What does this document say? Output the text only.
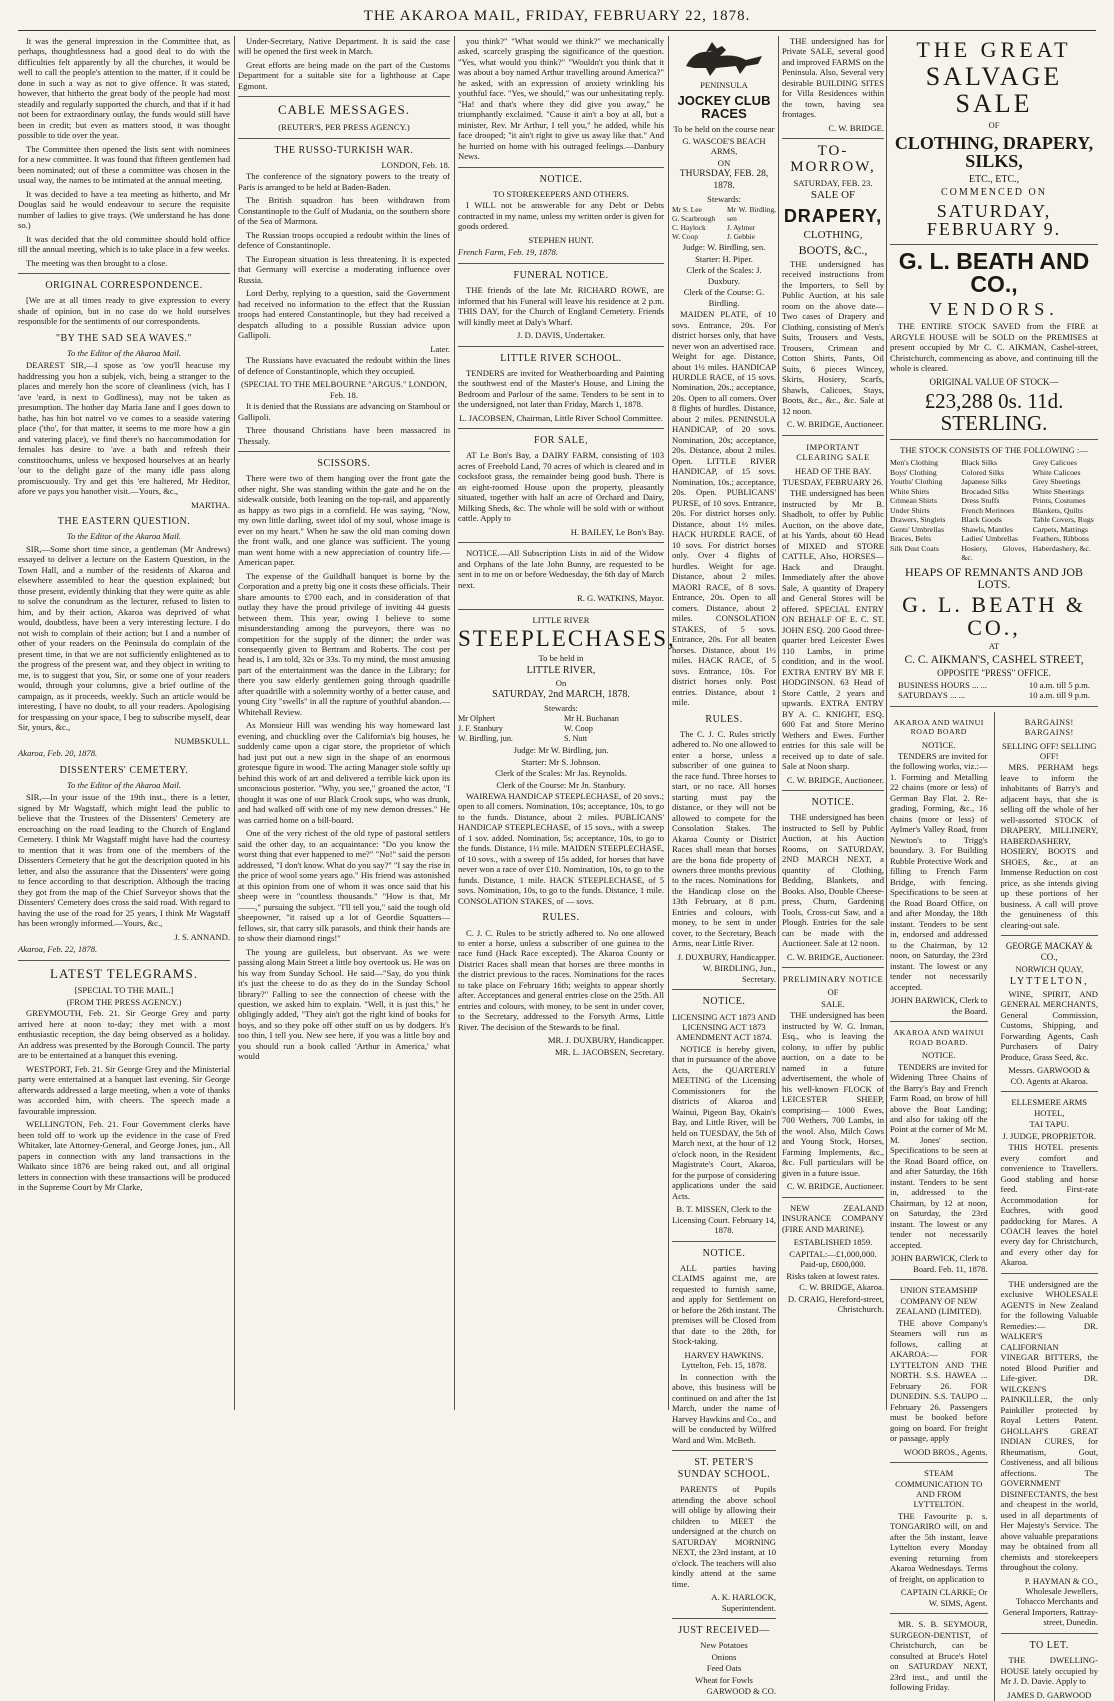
THE AKAROA MAIL, FRIDAY, FEBRUARY 22, 1878.

It was the general impression in the Committee that, as perhaps, thoughtlessness had a good deal to do with the difficulties felt apparently by all the churches, it would be well to call the people's attention to the matter, if it could be done in such a way as not to give offence. It was stated, however, that hitherto the great body of the people had most steadily and regularly supported the church, and that if it had not been for extraordinary outlay, the funds would still have been in credit; but even as matters stood, it was thought possible to tide over the year.

The Committee then opened the lists sent with nominees for a new committee. It was found that fifteen gentlemen had been nominated; out of these a committee was chosen in the usual way, the names to be intimated at the annual meeting.

It was decided to have a tea meeting as hitherto, and Mr Douglas said he would endeavour to secure the requisite number of ladies to give trays. (We understand he has done so.)

It was decided that the old committee should hold office till the annual meeting, which is to take place in a few weeks.

The meeting was then brought to a close.

ORIGINAL CORRESPONDENCE.

[We are at all times ready to give expression to every shade of opinion, but in no case do we hold ourselves responsible for the sentiments of our correspondents.

"BY THE SAD SEA WAVES."
To the Editor of the Akaroa Mail.

DEAREST SIR,—I spose as 'ow you'll heacuse my haddressing you hon a subjek, vich, being a stranger to the places and merely hon the score of cleanliness (vich, has I 'ave 'eard, is next to Godliness), may not be taken as presumption. The hother day Maria Jane and I goes down to bathe, has hin bot natrel vo ve comes to a seaside vatering place ('tho', for that matter, it seems to me more how a gin and vatering place), ve find there's no haccommodation for females has desire to 'ave a bath and refresh their constitoochums, unless ve hexposed hourselves at an hearly 'our to the delight gaze of the many idle pass along promiscuously. Try and get this 'ere haltered, Mr Heditor, afore ve pays you hanother visit.—Yours, &c.,

MARTHA.
THE EASTERN QUESTION.
To the Editor of the Akaroa Mail.

SIR,—Some short time since, a gentleman (Mr Andrews) essayed to deliver a lecture on the Eastern Question, in the Town Hall, and a number of the residents of Akaroa and elsewhere assembled to hear the question explained; but those present, evidently thinking that they were quite as able to solve the conundrum as the lecturer, refused to listen to him, and by their action, Akaroa was deprived of what would, doubtless, have been a very interesting lecture. I do not wish to complain of their action; but I and a number of other of your readers on the Peninsula do complain of the present time, in that we are not sufficiently enlightened as to the progress of the present war, and they object in writing to me, is to suggest that you, Sir, or some one of your readers would, through your columns, give a brief outline of the campaign, as it proceeds, weekly. Such an article would be interesting, I have no doubt, to all your readers. Apologising for trespassing on your space, I beg to subscribe myself, dear Sir, yours, &c.,

NUMBSKULL.
Akaroa, Feb. 20, 1878.
DISSENTERS' CEMETERY.
To the Editor of the Akaroa Mail.

SIR,—In your issue of the 19th inst., there is a letter, signed by Mr Wagstaff, which might lead the public to believe that the Trustees of the Dissenters' Cemetery are encroaching on the road leading to the Church of England Cemetery. I think Mr Wagstaff might have had the courtesy to mention that it was from one of the members of the Dissenters Cemetery that he got the description quoted in his letter, and also the assurance that the Dissenters' were going to fence according to that description. Although the tracing they got from the map of the Chief Surveyor shows that the Dissenters' Cemetery does cross the said road. With regard to having the use of the road for 25 years, I think Mr Wagstaff has been wrongly informed.—Yours, &c.,

J. S. ANNAND.
Akaroa, Feb. 22, 1878.
LATEST TELEGRAMS.
[SPECIAL TO THE MAIL.]
(FROM THE PRESS AGENCY.)

GREYMOUTH, Feb. 21. Sir George Grey and party arrived here at noon to-day; they met with a most enthusiastic reception, the day being observed as a holiday. An address was presented by the Borough Council. The party are to be entertained at a banquet this evening.

WESTPORT, Feb. 21. Sir George Grey and the Ministerial party were entertained at a banquet last evening. Sir George afterwards addressed a large meeting, when a vote of thanks was accorded him, with cheers. The speech made a favourable impression.

WELLINGTON, Feb. 21. Four Government clerks have been told off to work up the evidence in the case of Fred Whitaker, late Attorney-General, and George Jones, jun., All papers in connection with any land transactions in the Waikato since 1876 are being raked out, and all original letters in connection with these transactions will be produced in the Supreme Court by Mr Clarke,

Under-Secretary, Native Department. It is said the case will be opened the first week in March.

Great efforts are being made on the part of the Customs Department for a suitable site for a lighthouse at Cape Egmont.

CABLE MESSAGES.
(REUTER'S, PER PRESS AGENCY.)
THE RUSSO-TURKISH WAR.
LONDON, Feb. 18.

The conference of the signatory powers to the treaty of Paris is arranged to be held at Baden-Baden.

The British squadron has been withdrawn from Constantinople to the Gulf of Mudania, on the southern shore of the Sea of Marmora.

The Russian troops occupied a redoubt within the lines of defence of Constantinople.

The European situation is less threatening. It is expected that Germany will exercise a moderating influence over Russia.

Lord Derby, replying to a question, said the Government had received no information to the effect that the Russian troops had entered Constantinople, but they had received a despatch alluding to a possible Russian advice upon Gallipoli.

Later.

The Russians have evacuated the redoubt within the lines of defence of Constantinople, which they occupied.

(SPECIAL TO THE MELBOURNE "ARGUS." LONDON, Feb. 18.

It is denied that the Russians are advancing on Stamboul or Gallipoli.

Three thousand Christians have been massacred in Thessaly.

SCISSORS.

There were two of them hanging over the front gate the other night. She was standing within the gate and he on the sidewalk outside, both leaning on the top-rail, and apparently as happy as two pigs in a cornfield. He was saying, "Now, my own little darling, sweet idol of my soul, whose image is ever on my heart." When he saw the old man coming down the front walk, and one glance was sufficient. The young man went home with a new appreciation of country life.—American paper.

The expense of the Guildhall banquet is borne by the Corporation and a pretty big one it costs these officials. Their share amounts to £700 each, and in consideration of that outlay they have the proud privilege of inviting 44 guests between them. This year, owing I believe to some misunderstanding among the purveyors, there was no competition for the supply of the dinner; the order was consequently given to Bertram and Roberts. The cost per head is, I am told, 32s or 33s. To my mind, the most amusing part of the entertainment was the dance in the Library; for there you saw elderly gentlemen going through quadrille after quadrille with a solemnity worthy of a better cause, and young City "swells" in all the rapture of youthful abandon.—Whitehall Review.

As Monsieur Hill was wending his way homeward last evening, and chuckling over the California's big houses, he suddenly came upon a cigar store, the proprietor of which had just put out a new sign in the shape of an enormous grotesque figure in wood. The acting Manager stole softly up behind this work of art and delivered a terrible kick upon its unconscious posterior. "Why, you see," groaned the actor, "I thought it was one of our Black Crook sups, who was drunk, and had walked off with one of my new demon dresses." He was carried home on a bill-board.

One of the very richest of the old type of pastoral settlers said the other day, to an acquaintance: "Do you know the worst thing that ever happened to me?" "No!" said the person addressed, "I don't know. What do you say?" "I say the rise in the price of wool some years ago." His friend was astonished at this opinion from one of whom it was once said that his sheep were in "countless thousands." "How is that, Mr ——," pursuing the subject. "I'll tell you," said the tough old sheepowner, "it raised up a lot of Geordie Squatters—fellows, sir, that carry silk parasols, and think their hands are to show their diamond rings!"

The young are guileless, but observant. As we were passing along Main Street a little boy overtook us. He was on his way from Sunday School. He said—"Say, do you think it's just the cheese to do as they do in the Sunday School library?" Falling to see the connection of cheese with the question, we asked him to explain. "Well, it is just this," he obligingly added, "They ain't got the right kind of books for boys, and so they poke off other stuff on us by dodgers. It's too thin, I tell you. New see here, if you was a little boy and you should run a book called 'Arthur in America,' what would

you think?" "What would we think?" we mechanically asked, scarcely grasping the significance of the question. "Yes, what would you think?" "Wouldn't you think that it was about a boy named Arthur travelling around America?" he asked, with an expression of anxiety wrinkling his youthful face. "Yes, we should," was our unhesitating reply. "Ha! and that's where they did give you away," he triumphantly exclaimed. "Cause it ain't a boy at all, but a minister, Rev. Mr Arthur, I tell you," he added, while his face drooped; "it ain't right to give us away like that." And he hurried on home with his outraged feelings.—Danbury News.

NOTICE.
TO STOREKEEPERS AND OTHERS.

I WILL not be answerable for any Debt or Debts contracted in my name, unless my written order is given for goods ordered.

STEPHEN HUNT.
French Farm, Feb. 19, 1878.
FUNERAL NOTICE.

THE friends of the late Mr. RICHARD ROWE, are informed that his Funeral will leave his residence at 2 p.m. THIS DAY, for the Church of England Cemetery. Friends will kindly meet at Daly's Wharf.

J. D. DAVIS, Undertaker.
LITTLE RIVER SCHOOL.

TENDERS are invited for Weatherboarding and Painting the southwest end of the Master's House, and Lining the Bedroom and Parlour of the same. Tenders to be sent in to the undersigned, not later than Friday, March 1, 1878.

L. JACOBSEN, Chairman, Little River School Committee.
FOR SALE,

AT Le Bon's Bay, a DAIRY FARM, consisting of 103 acres of Freehold Land, 70 acres of which is cleared and in cocksfoot grass, the remainder being good bush. There is an eight-roomed House upon the property, pleasantly situated, together with half an acre of Orchard and Dairy, Milking Sheds, &c. The whole will be sold with or without cattle. Apply to

H. BAILEY, Le Bon's Bay.

NOTICE.—All Subscription Lists in aid of the Widow and Orphans of the late John Bunny, are requested to be sent in to me on or before Wednesday, the 6th day of March next.

R. G. WATKINS, Mayor.
LITTLE RIVER
STEEPLECHASES,
To be held in
LITTLE RIVER,
On
SATURDAY, 2nd MARCH, 1878.
Stewards:
Mr Olphert
J. F. Stanbury
W. Birdling, jun.
Mr H. Buchanan
W. Coop
S. Nutt
Judge: Mr W. Birdling, jun.
Starter: Mr S. Johnson.
Clerk of the Scales: Mr Jas. Reynolds.
Clerk of the Course: Mr Jn. Stanbury.

WAIREWA HANDICAP STEEPLECHASE, of 20 sovs.; open to all comers. Nomination, 10s; acceptance, 10s, to go to the funds. Distance, about 2 miles. PUBLICANS' HANDICAP STEEPLECHASE, of 15 sovs., with a sweep of 1 sov. added. Nomination, 5s; acceptance, 10s, to go to the funds. Distance, 1½ mile. MAIDEN STEEPLECHASE, of 10 sovs., with a sweep of 15s added, for horses that have never won a race of over £10. Nomination, 10s, to go to the funds. Distance, 1 mile. HACK STEEPLECHASE, of 5 sovs. Nomination, 10s, to go to the funds. Distance, 1 mile. CONSOLATION STAKES, of — sovs.

RULES.

C. J. C. Rules to be strictly adhered to. No one allowed to enter a horse, unless a subscriber of one guinea to the race fund (Hack Race excepted). The Akaroa County or District Races shall mean that horses are three months in the district previous to the races. Nominations for the races to take place on February 16th; weights to appear shortly after. Acceptances and general entries close on the 25th. All entries and colours, with money, to be sent in under cover, to the Secretary, addressed to the Forsyth Arms, Little River. The decision of the Stewards to be final.

MR. J. DUXBURY, Handicapper.
MR. L. JACOBSEN, Secretary.
PENINSULA
JOCKEY CLUB RACES
To be held on the course near
G. WASCOE'S BEACH ARMS,
ON
THURSDAY, FEB. 28, 1878.
Stewards:
Mr S. Lee
G. Scarbrough
C. Haylock
W. Coop
Mr W. Birdling, sen
J. Aylmer
J. Gebbie
Judge: W. Birdling, sen.
Starter: H. Piper.
Clerk of the Scales: J. Duxbury.
Clerk of the Course: G. Birdling.

MAIDEN PLATE, of 10 sovs. Entrance, 20s. For district horses only, that have never won an advertised race. Weight for age. Distance, about 1½ miles. HANDICAP HURDLE RACE, of 15 sovs. Nomination, 20s.; acceptance, 20s. Open to all comers. Over 8 flights of hurdles. Distance, about 2 miles. PENINSULA HANDICAP, of 20 sovs. Nomination, 20s; acceptance, 20s. Distance, about 2 miles. Open. LITTLE RIVER HANDICAP, of 15 sovs. Nomination, 10s.; acceptance, 20s. Open. PUBLICANS' PURSE, of 10 sovs. Entrance, 20s. For district horses only. Distance, about 1½ miles. HACK HURDLE RACE, of 10 sovs. For district horses only. Over 4 flights of hurdles. Weight for age. Distance, about 2 miles. MAORI RACE, of 8 sovs. Entrance, 20s. Open to all comers. Distance, about 2 miles. CONSOLATION STAKES, of 5 sovs. Entrance, 20s. For all beaten horses. Distance, about 1½ miles. HACK RACE, of 5 sovs. Entrance, 10s. For district horses only. Post entries. Distance, about 1 mile.

RULES.

The C. J. C. Rules strictly adhered to. No one allowed to enter a horse, unless a subscriber of one guinea to the race fund. Three horses to start, or no race. All horses starting must pay the distance, or they will not be allowed to compete for the Consolation Stakes. The Akaroa County or District Races shall mean that horses are the bona fide property of owners three months previous to the races. Nominations for the Handicap close on the 13th February, at 8 p.m. Entries and colours, with money, to be sent in under cover, to the Secretary, Beach Arms, near Little River.

J. DUXBURY, Handicapper.
W. BIRDLING, Jun., Secretary.
NOTICE.
LICENSING ACT 1873 AND LICENSING ACT 1873 AMENDMENT ACT 1874.

NOTICE is hereby given, that in pursuance of the above Acts, the QUARTERLY MEETING of the Licensing Commissioners for the districts of Akaroa and Wainui, Pigeon Bay, Okain's Bay, and Little River, will be held on TUESDAY, the 5th of March next, at the hour of 12 o'clock noon, in the Resident Magistrate's Court, Akaroa, for the purpose of considering applications under the said Acts.

B. T. MISSEN, Clerk to the Licensing Court. February 14, 1878.
NOTICE.

ALL parties having CLAIMS against me, are requested to furnish same, and apply for Settlement on or before the 26th instant. The premises will be Closed from that date to the 28th, for Stock-taking.

HARVEY HAWKINS. Lyttelton, Feb. 15, 1878.

In connection with the above, this business will be continued on and after the 1st March, under the name of Harvey Hawkins and Co., and will be conducted by Wilfred Ward and Wm. McBeth.

ST. PETER'S SUNDAY SCHOOL.

PARENTS of Pupils attending the above school will oblige by allowing their children to MEET the undersigned at the church on SATURDAY MORNING NEXT, the 23rd instant, at 10 o'clock. The teachers will also kindly attend at the same time.

A. K. HARLOCK, Superintendent.
JUST RECEIVED—
New Potatoes
Onions
Feed Oats
Wheat for Fowls
GARWOOD & CO.

THE undersigned has for Private SALE, several good and improved FARMS on the Peninsula. Also, Several very desirable BUILDING SITES for Villa Residences within the town, having sea frontages.

C. W. BRIDGE.
TO-MORROW,
SATURDAY, FEB. 23.
SALE OF
DRAPERY,
CLOTHING,
BOOTS, &C.,

THE undersigned has received instructions from the Importers, to Sell by Public Auction, at his sale room on the above date— Two cases of Drapery and Clothing, consisting of Men's Suits, Trousers and Vests, Trousers, Crimean and Cotton Shirts, Pants, Oil Suits, 6 pieces Wincey, Skirts, Hosiery, Scarfs, Shawls, Calicoes, Stays, Boots, &c., &c., &c. Sale at 12 noon.

C. W. BRIDGE, Auctioneer.
IMPORTANT CLEARING SALE
HEAD OF THE BAY.
TUESDAY, FEBRUARY 26.

THE undersigned has been instructed by Mr B. Shadbolt, to offer by Public Auction, on the above date, at his Yards, about 60 Head of MIXED and STORE CATTLE, Also, HORSES—Hack and Draught. Immediately after the above Sale, A quantity of Drapery and General Stores will be offered. SPECIAL ENTRY ON BEHALF OF E. C. ST. JOHN ESQ. 200 Good three-quarter bred Leicester Ewes 110 Lambs, in prime condition, and in the wool. EXTRA ENTRY BY MR F. HODGINSON. 63 Head of Store Cattle, 2 years and upwards. EXTRA ENTRY BY A. C. KNIGHT, ESQ. 600 Fat and Store Merino Wethers and Ewes. Further entries for this sale will be received up to date of sale. Sale at Noon sharp.

C. W. BRIDGE, Auctioneer.
NOTICE.

THE undersigned has been instructed to Sell by Public Auction, at his Auction Rooms, on SATURDAY, 2ND MARCH NEXT, a quantity of Clothing, Bedding, Blankets, and Books. Also, Double Cheese-press, Churn, Gardening Tools, Cross-cut Saw, and a Plough. Entries for the sale can be made with the Auctioneer. Sale at 12 noon.

C. W. BRIDGE, Auctioneer.
PRELIMINARY NOTICE
OF
SALE.

THE undersigned has been instructed by W. G. Inman, Esq., who is leaving the colony, to offer by public auction, on a date to be named in a future advertisement, the whole of his well-known FLOCK of LEICESTER SHEEP, comprising— 1000 Ewes, 700 Wethers, 700 Lambs, in the wool. Also, Milch Cows and Young Stock, Horses, Farming Implements, &c., &c. Full particulars will be given in a future issue.

C. W. BRIDGE, Auctioneer.

NEW ZEALAND INSURANCE COMPANY (FIRE AND MARINE).

ESTABLISHED 1859.
CAPITAL:—£1,000,000. Paid-up, £600,000.
Risks taken at lowest rates.
C. W. BRIDGE, Akaroa.
D. CRAIG, Hereford-street, Christchurch.
THE GREAT
SALVAGE SALE
OF
CLOTHING, DRAPERY, SILKS,
ETC., ETC.,
COMMENCED ON
SATURDAY, FEBRUARY 9.
G. L. BEATH AND CO.,
VENDORS.

THE ENTIRE STOCK SAVED from the FIRE at ARGYLE HOUSE will be SOLD on the PREMISES at present occupied by Mr C. C. AIKMAN, Cashel-street, Christchurch, commencing as above, and continuing till the whole is cleared.

ORIGINAL VALUE OF STOCK—
£23,288 0s. 11d. STERLING.
THE STOCK CONSISTS OF THE FOLLOWING :—
Men's Clothing
Boys' Clothing
Youths' Clothing
White Shirts
Crimean Shirts
Under Shirts
Drawers, Singlets
Gents' Umbrellas
Braces, Belts
Silk Dust Coats
Black Silks
Colored Silks
Japanese Silks
Brocaded Silks
Dress Stuffs
French Merinoes
Black Goods
Shawls, Mantles
Ladies' Umbrellas
Hosiery, Gloves, &c.
Grey Calicoes
White Calicoes
Grey Sheetings
White Sheetings
Prints, Costumes
Blankets, Quilts
Table Covers, Rugs
Carpets, Mattings
Feathers, Ribbons
Haberdashery, &c.
HEAPS OF REMNANTS AND JOB LOTS.
G. L. BEATH & CO.,
AT
C. C. AIKMAN'S, CASHEL STREET,
OPPOSITE "PRESS" OFFICE.
BUSINESS HOURS ... ...	10 a.m. till 5 p.m.
SATURDAYS ... ...	10 a.m. till 9 p.m.
AKAROA AND WAINUI ROAD BOARD
NOTICE.

TENDERS are invited for the following works, viz.:— 1. Forming and Metalling 22 chains (more or less) of German Bay Flat. 2. Re-grading, Forming, &c., 16 chains (more or less) of Aylmer's Valley Road, from Newton's to Trigg's boundary. 3. For Building Rubble Protective Work and filling to French Farm Bridge, with fencing. Specifications to be seen at the Road Board Office, on and after Monday, the 18th instant. Tenders to be sent in, endorsed and addressed to the Chairman, by 12 noon, on Saturday, the 23rd instant. The lowest or any tender not necessarily accepted.

JOHN BARWICK, Clerk to the Board.
AKAROA AND WAINUI ROAD BOARD.
NOTICE.

TENDERS are invited for Widening Three Chains of the Barry's Bay and French Farm Road, on brow of hill above the Boat Landing; and also for taking off the Point at the corner of Mr M. M. Jones' section. Specifications to be seen at the Road Board office, on and after Saturday, the 16th instant. Tenders to be sent in, addressed to the Chairman, by 12 at noon, on Saturday, the 23rd instant. The lowest or any tender not necessarily accepted.

JOHN BARWICK, Clerk to Board. Feb. 11, 1878.
UNION STEAMSHIP COMPANY OF NEW ZEALAND (LIMITED).

THE above Company's Steamers will run as follows, calling at AKAROA:— FOR LYTTELTON AND THE NORTH. S.S. HAWEA ... February 26. FOR DUNEDIN. S.S. TAUPO ... February 26. Passengers must be booked before going on board. For freight or passage, apply

WOOD BROS., Agents.
STEAM COMMUNICATION TO AND FROM LYTTELTON.

THE Favourite p. s. TONGARIRO will, on and after the 5th instant, leave Lyttelton every Monday evening returning from Akaroa Wednesdays. Terms of freight, on application to

CAPTAIN CLARKE; Or W. SIMS, Agent.

MR. S. B. SEYMOUR, SURGEON-DENTIST, of Christchurch, can be consulted at Bruce's Hotel on SATURDAY NEXT, 23rd inst., and until the following Friday.

BARGAINS! BARGAINS!
SELLING OFF! SELLING OFF!

MRS. PERHAM begs leave to inform the inhabitants of Barry's and adjacent bays, that she is selling off the whole of her well-assorted STOCK of DRAPERY, MILLINERY, HABERDASHERY, HOSIERY, BOOTS and SHOES, &c., at an Immense Reduction on cost price, as she intends giving up these portions of her business. A call will prove the genuineness of this clearing-out sale.

GEORGE MACKAY & CO.,
NORWICH QUAY,
LYTTELTON,

WINE, SPIRIT, AND GENERAL MERCHANTS, General Commission, Customs, Shipping, and Forwarding Agents, Cash Purchasers of Dairy Produce, Grass Seed, &c.

Messrs. GARWOOD & CO. Agents at Akaroa.
ELLESMERE ARMS HOTEL,
TAI TAPU.
J. JUDGE, PROPRIETOR.

THIS HOTEL presents every comfort and convenience to Travellers. Good stabling and horse feed. First-rate Accommodation for Euchres, with good paddocking for Mares. A COACH leaves the hotel every day for Christchurch, and every other day for Akaroa.

THE undersigned are the exclusive WHOLESALE AGENTS in New Zealand for the following Valuable Remedies:— DR. WALKER'S CALIFORNIAN VINEGAR BITTERS, the noted Blood Purifier and Life-giver. DR. WILCKEN'S PAINKILLER, the only Painkiller protected by Royal Letters Patent. GHOLLAH'S GREAT INDIAN CURES, for Rheumatism, Gout, Costiveness, and all bilious affections. The GOVERNMENT DISINFECTANTS, the best and cheapest in the world, used in all departments of Her Majesty's Service. The above valuable preparations may be obtained from all chemists and storekeepers throughout the colony.

P. HAYMAN & CO., Wholesale Jewellers, Tobacco Merchants and General Importers, Rattray-street, Dunedin.
TO LET.

THE DWELLING-HOUSE lately occupied by Mr J. D. Davie. Apply to

JAMES D. GARWOOD
